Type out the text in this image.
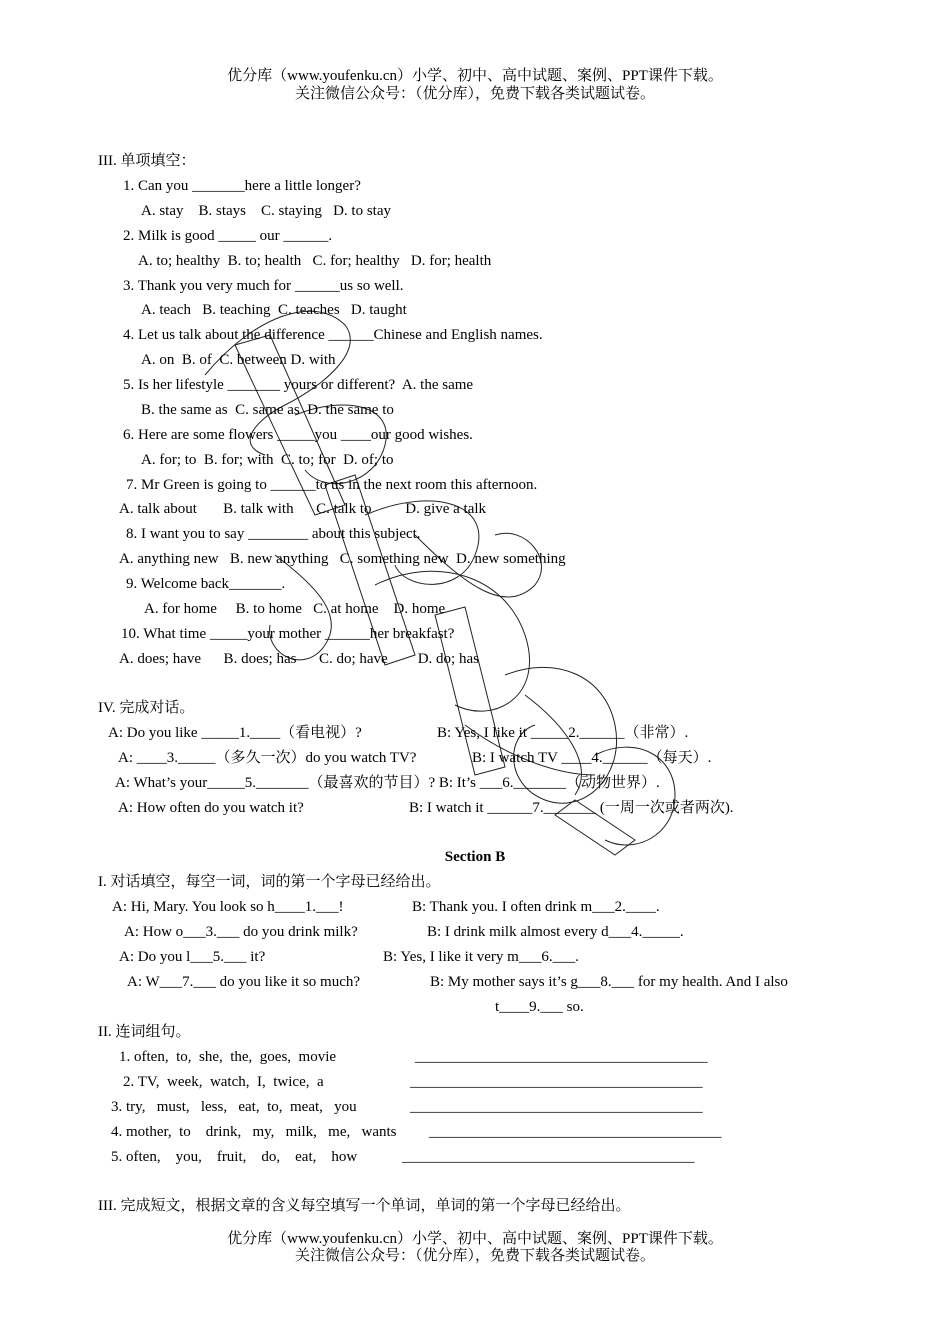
优分库（www.youfenku.cn）小学、初中、高中试题、案例、PPT课件下载。
关注微信公众号：（优分库），免费下载各类试题试卷。
III. 单项填空：
1. Can you _______here a little longer?
A. stay    B. stays    C. staying   D. to stay
2. Milk is good _____ our ______.
A. to; healthy  B. to; health   C. for; healthy   D. for; health
3. Thank you very much for ______us so well.
A. teach   B. teaching  C. teaches   D. taught
4. Let us talk about the difference ______Chinese and English names.
A. on  B. of  C. between D. with
5. Is her lifestyle _______ yours or different?  A. the same
B. the same as  C. same as  D. the same to
6. Here are some flowers _____you ____our good wishes.
A. for; to  B. for; with  C. to; for  D. of; to
7. Mr Green is going to ______to us in the next room this afternoon.
A. talk about       B. talk with      C. talk to         D. give a talk
8. I want you to say ________ about this subject.
A. anything new   B. new anything   C. something new  D. new something
9. Welcome back_______.
A. for home     B. to home   C. at home    D. home
10. What time _____your mother ______her breakfast?
A. does; have      B. does; has      C. do; have        D. do; has
IV. 完成对话。
A: Do you like _____1.____（看电视）?	B: Yes, I like it _____2.______（非常）.
A: ____3._____（多久一次）do you watch TV?	B: I watch TV ____4.______（每天）.
A: What’s your_____5._______（最喜欢的节目）? B: It’s ___6._______（动物世界）.
A: How often do you watch it?	B: I watch it ______7._______ (一周一次或者两次).
Section B
I. 对话填空，每空一词，词的第一个字母已经给出。
A: Hi, Mary. You look so h____1.___!	B: Thank you. I often drink m___2.____.
A: How o___3.___ do you drink milk?	B: I drink milk almost every d___4._____.
A: Do you l___5.___ it?	B: Yes, I like it very m___6.___.
A: W___7.___ do you like it so much?	B: My mother says it’s g___8.___ for my health. And I also
t____9.___ so.
II. 连词组句。
1. often,  to,  she,  the,  goes,  movie	_______________________________________
2. TV,  week,  watch,  I,  twice,  a	_______________________________________
3. try,   must,   less,   eat,  to,  meat,   you	_______________________________________
4. mother,  to    drink,   my,   milk,   me,   wants _______________________________________
5. often,    you,    fruit,    do,    eat,    how	_______________________________________
III. 完成短文，根据文章的含义每空填写一个单词，单词的第一个字母已经给出。
优分库（www.youfenku.cn）小学、初中、高中试题、案例、PPT课件下载。
关注微信公众号：（优分库），免费下载各类试题试卷。
